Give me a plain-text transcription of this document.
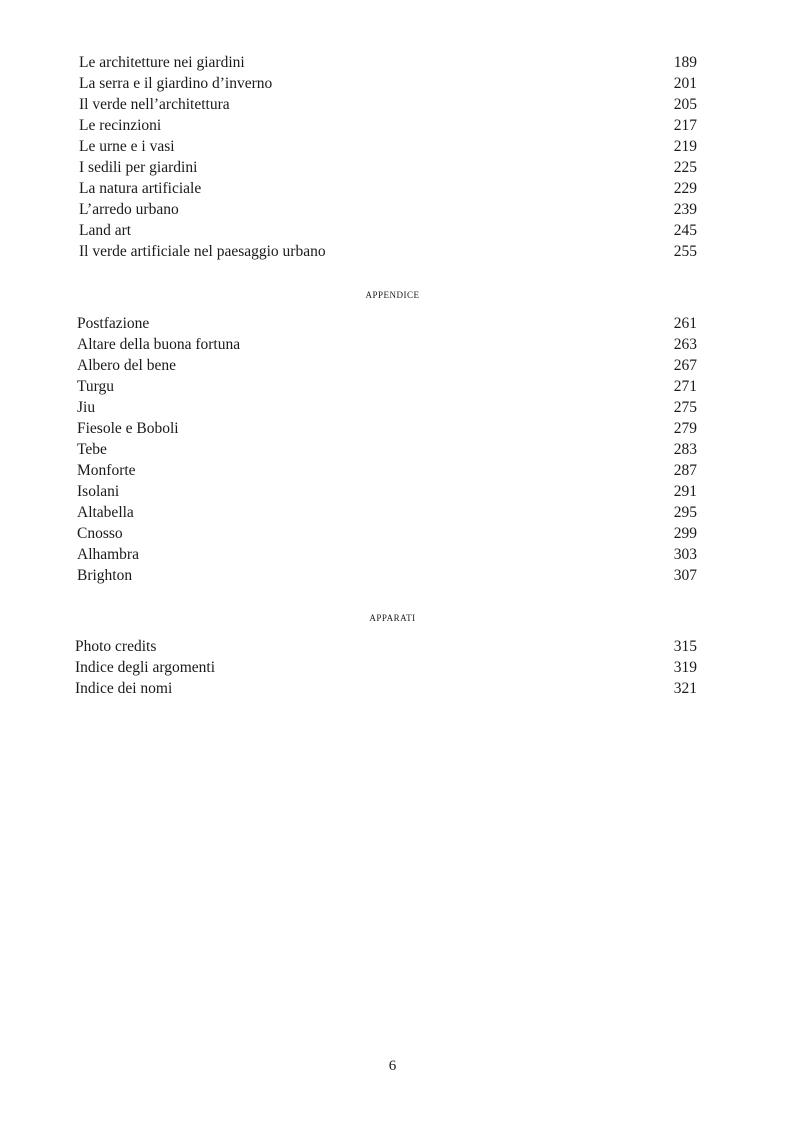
Le architetture nei giardini	189
La serra e il giardino d’inverno	201
Il verde nell’architettura	205
Le recinzioni	217
Le urne e i vasi	219
I sedili per giardini	225
La natura artificiale	229
L’arredo urbano	239
Land art	245
Il verde artificiale nel paesaggio urbano	255
APPENDICE
Postfazione	261
Altare della buona fortuna	263
Albero del bene	267
Turgu	271
Jiu	275
Fiesole e Boboli	279
Tebe	283
Monforte	287
Isolani	291
Altabella	295
Cnosso	299
Alhambra	303
Brighton	307
APPARATI
Photo credits	315
Indice degli argomenti	319
Indice dei nomi	321
6
